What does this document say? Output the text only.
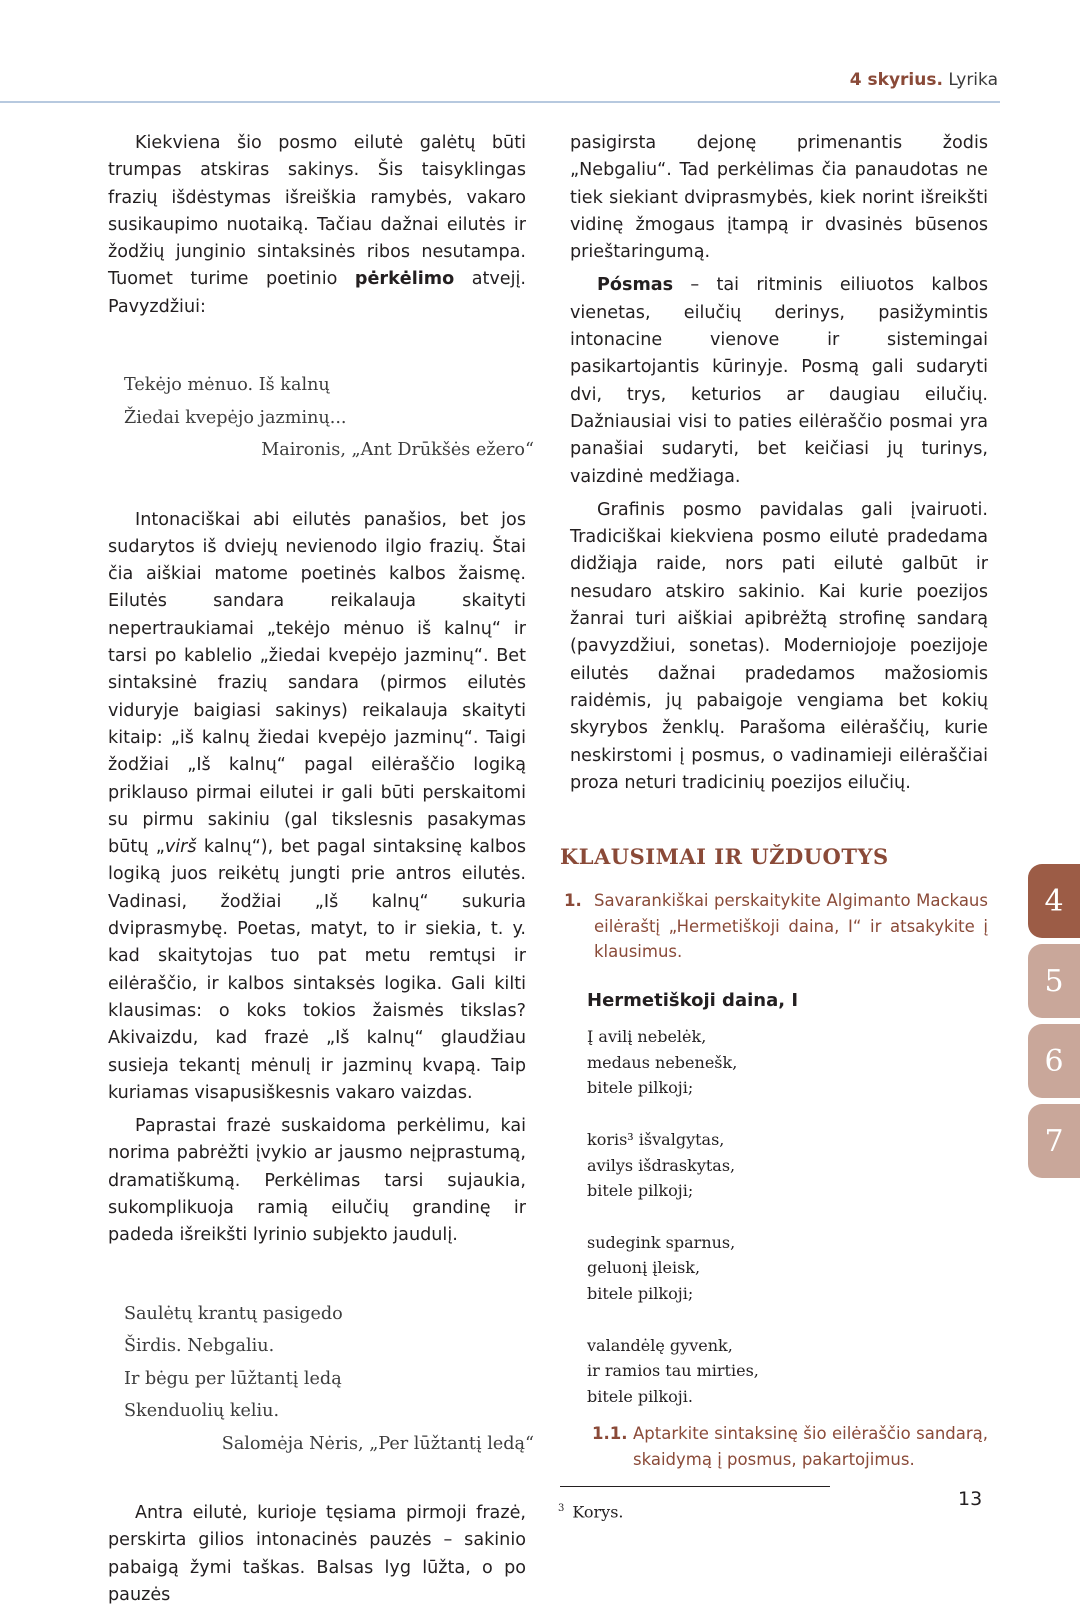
4 skyrius. Lyrika

Kiekviena šio posmo eilutė galėtų būti trumpas atskiras sakinys. Šis taisyklingas frazių išdėstymas išreiškia ramybės, vakaro susikaupimo nuotaiką. Tačiau dažnai eilutės ir žodžių junginio sintaksinės ribos nesutampa. Tuomet turime poetinio pėrkėlimo atvejį. Pavyzdžiui:

Tekėjo mėnuo. Iš kalnų
Žiedai kvepėjo jazminų...
Maironis, „Ant Drūkšės ežero“

Intonaciškai abi eilutės panašios, bet jos sudarytos iš dviejų nevienodo ilgio frazių. Štai čia aiškiai matome poetinės kalbos žaismę. Eilutės sandara reikalauja skaityti nepertraukiamai „tekėjo mėnuo iš kalnų“ ir tarsi po kablelio „žiedai kvepėjo jazminų“. Bet sintaksinė frazių sandara (pirmos eilutės viduryje baigiasi sakinys) reikalauja skaityti kitaip: „iš kalnų žiedai kvepėjo jazminų“. Taigi žodžiai „Iš kalnų“ pagal eilėraščio logiką priklauso pirmai eilutei ir gali būti perskaitomi su pirmu sakiniu (gal tikslesnis pasakymas būtų „virš kalnų“), bet pagal sintaksinę kalbos logiką juos reikėtų jungti prie antros eilutės. Vadinasi, žodžiai „Iš kalnų“ sukuria dviprasmybę. Poetas, matyt, to ir siekia, t. y. kad skaitytojas tuo pat metu remtųsi ir eilėraščio, ir kalbos sintaksės logika. Gali kilti klausimas: o koks tokios žaismės tikslas? Akivaizdu, kad frazė „Iš kalnų“ glaudžiau susieja tekantį mėnulį ir jazminų kvapą. Taip kuriamas visapusiškesnis vakaro vaizdas.

Paprastai frazė suskaidoma perkėlimu, kai norima pabrėžti įvykio ar jausmo neįprastumą, dramatiškumą. Perkėlimas tarsi sujaukia, sukomplikuoja ramią eilučių grandinę ir padeda išreikšti lyrinio subjekto jaudulį.

Saulėtų krantų pasigedo
Širdis. Nebgaliu.
Ir bėgu per lūžtantį ledą
Skenduolių keliu.
Salomėja Nėris, „Per lūžtantį ledą“

Antra eilutė, kurioje tęsiama pirmoji frazė, perskirta gilios intonacinės pauzės – sakinio pabaigą žymi taškas. Balsas lyg lūžta, o po pauzės

pasigirsta dejonę primenantis žodis „Nebgaliu“. Tad perkėlimas čia panaudotas ne tiek siekiant dviprasmybės, kiek norint išreikšti vidinę žmogaus įtampą ir dvasinės būsenos prieštaringumą.

Pósmas – tai ritminis eiliuotos kalbos vienetas, eilučių derinys, pasižymintis intonacine vienove ir sistemingai pasikartojantis kūrinyje. Posmą gali sudaryti dvi, trys, keturios ar daugiau eilučių. Dažniausiai visi to paties eilėraščio posmai yra panašiai sudaryti, bet keičiasi jų turinys, vaizdinė medžiaga.

Grafinis posmo pavidalas gali įvairuoti. Tradiciškai kiekviena posmo eilutė pradedama didžiąja raide, nors pati eilutė galbūt ir nesudaro atskiro sakinio. Kai kurie poezijos žanrai turi aiškiai apibrėžtą strofinę sandarą (pavyzdžiui, sonetas). Moderniojoje poezijoje eilutės dažnai pradedamos mažosiomis raidėmis, jų pabaigoje vengiama bet kokių skyrybos ženklų. Parašoma eilėraščių, kurie neskirstomi į posmus, o vadinamieji eilėraščiai proza neturi tradicinių poezijos eilučių.

KLAUSIMAI IR UŽDUOTYS
1. Savarankiškai perskaitykite Algimanto Mackaus eilėraštį „Hermetiškoji daina, I“ ir atsakykite į klausimus.
Hermetiškoji daina, I
Į avilį nebelėk,
medaus nebenešk,
bitele pilkoji;
koris³ išvalgytas,
avilys išdraskytas,
bitele pilkoji;
sudegink sparnus,
geluonį įleisk,
bitele pilkoji;
valandėlę gyvenk,
ir ramios tau mirties,
bitele pilkoji.
1.1. Aptarkite sintaksinę šio eilėraščio sandarą, skaidymą į posmus, pakartojimus.
$^3$ Korys.
13
4
5
6
7
